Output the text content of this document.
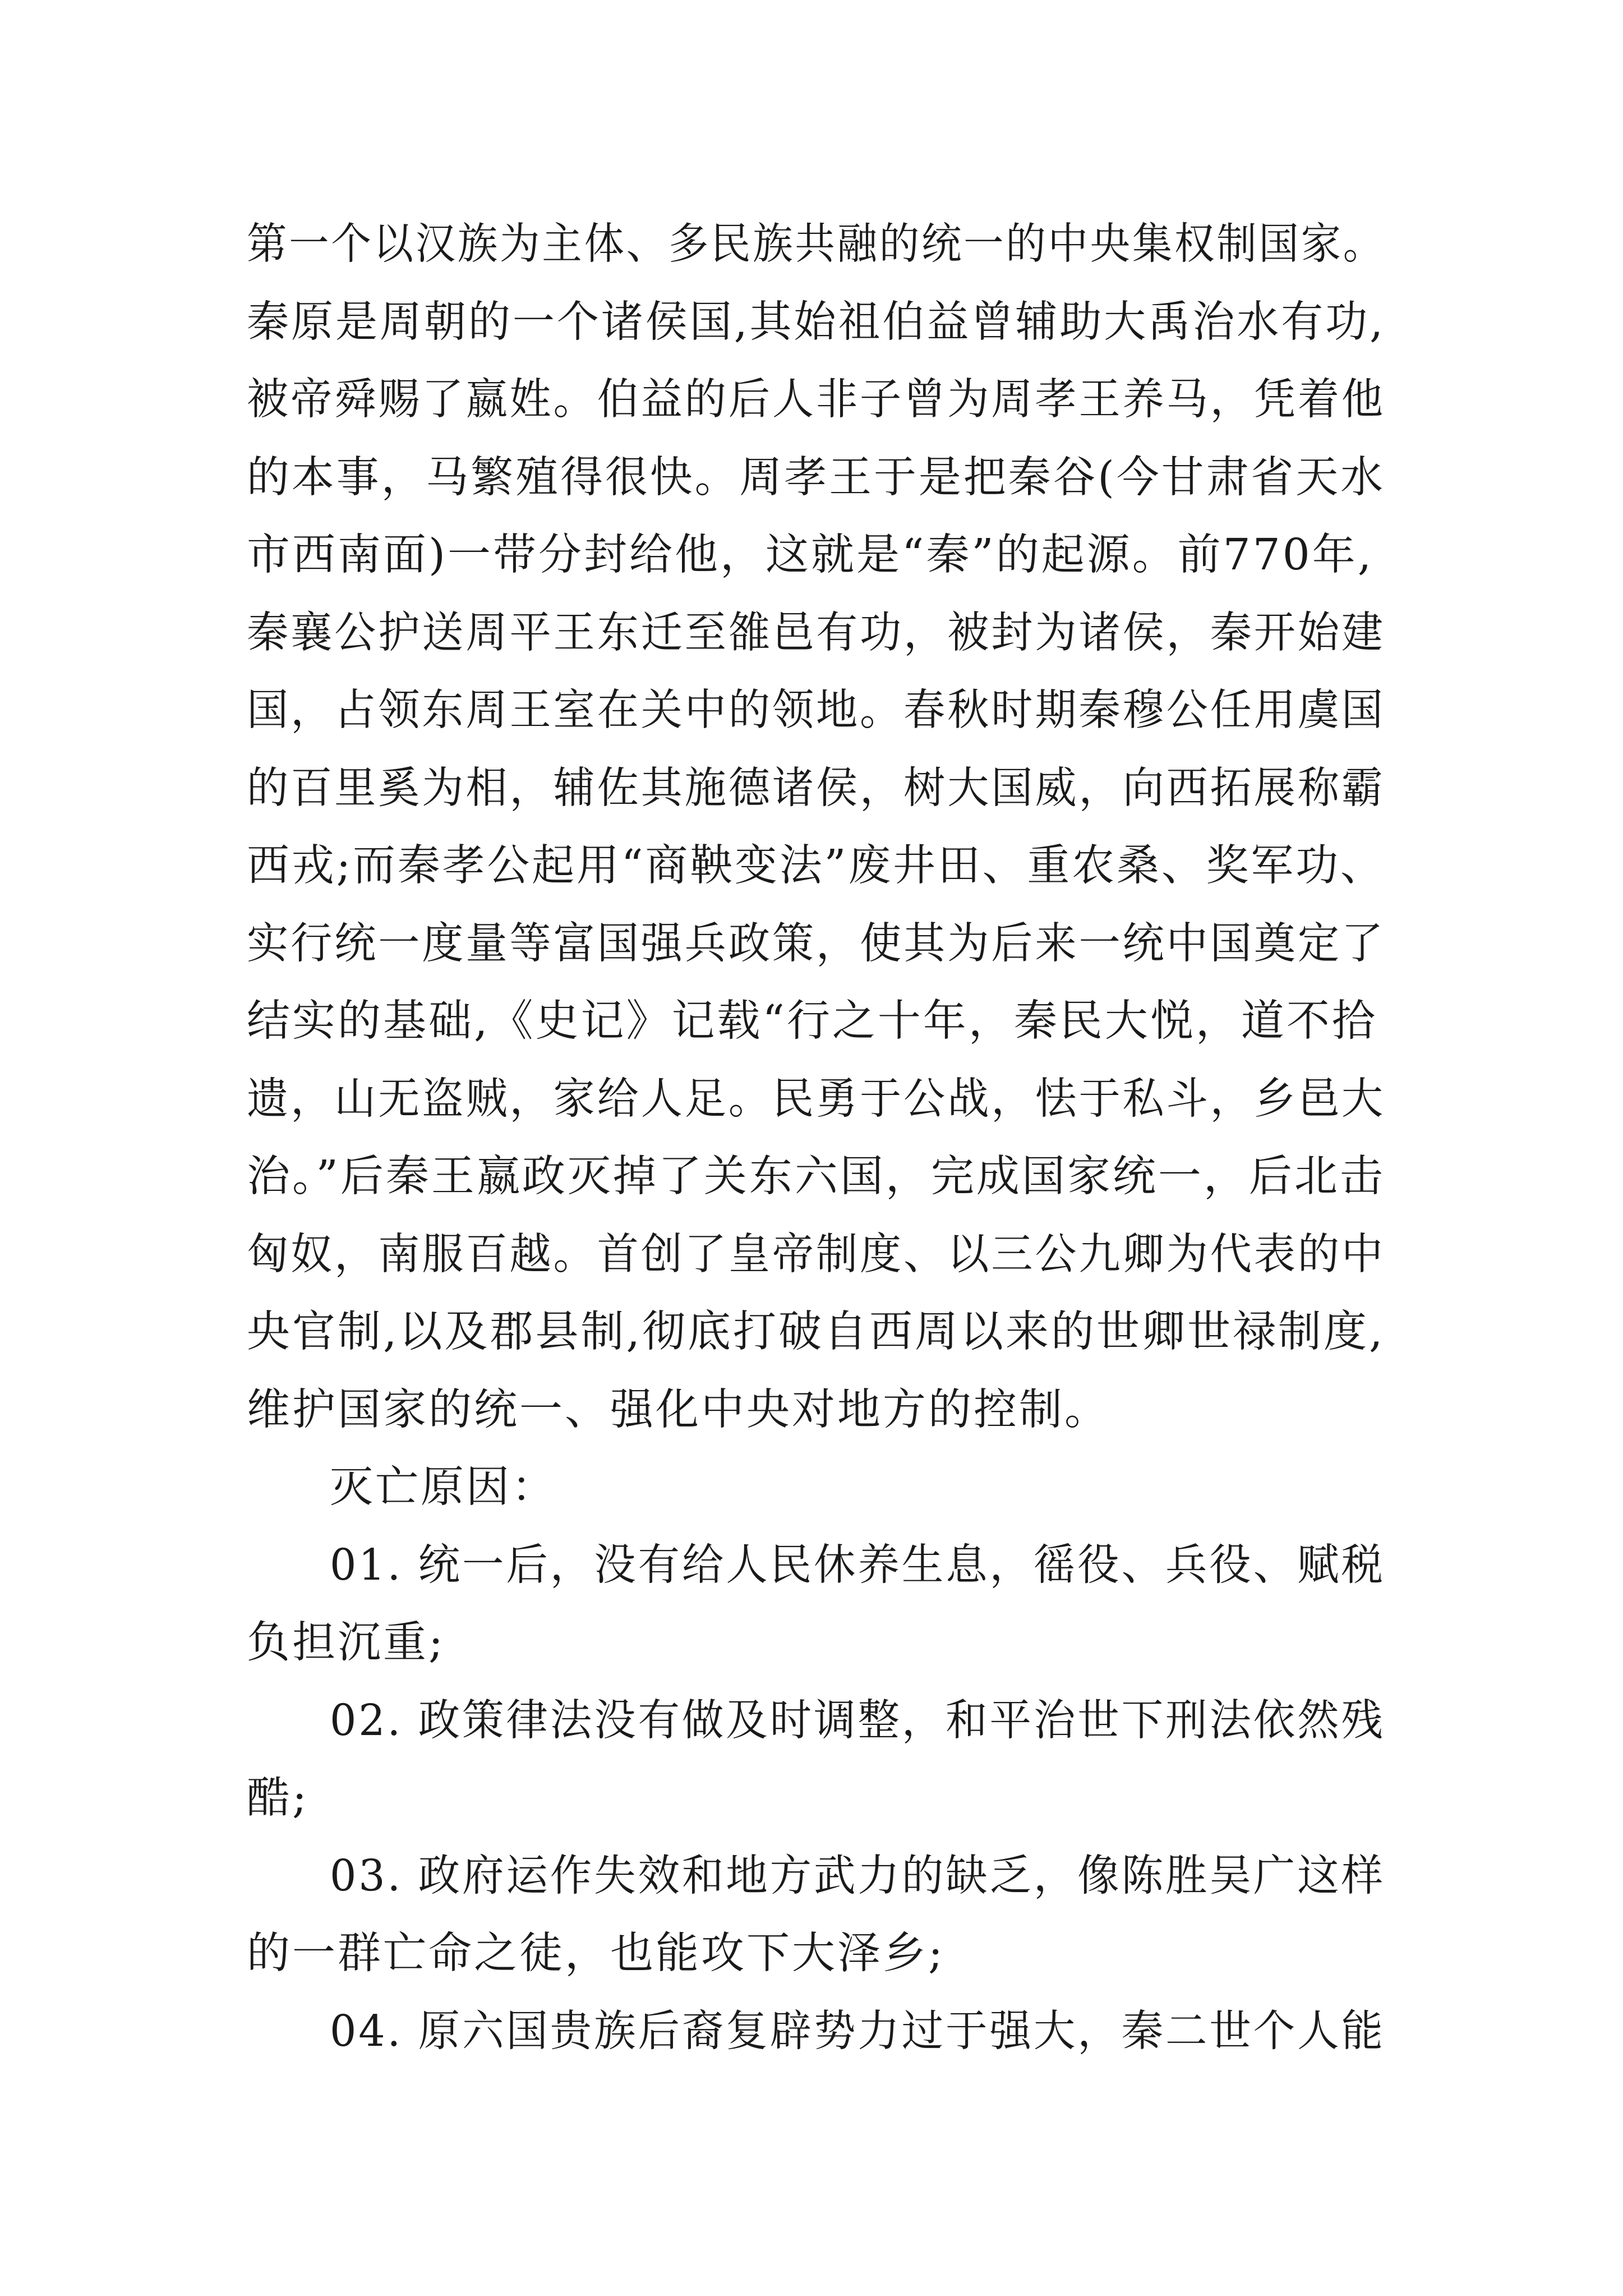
第一个以汉族为主体、多民族共融的统一的中央集权制国家。
秦原是周朝的一个诸侯国,其始祖伯益曾辅助大禹治水有功,
被帝舜赐了嬴姓。伯益的后人非子曾为周孝王养马，凭着他
的本事，马繁殖得很快。周孝王于是把秦谷(今甘肃省天水
市西南面)一带分封给他，这就是“秦”的起源。前770年,
秦襄公护送周平王东迁至雒邑有功，被封为诸侯，秦开始建
国，占领东周王室在关中的领地。春秋时期秦穆公任用虞国
的百里奚为相，辅佐其施德诸侯，树大国威，向西拓展称霸
西戎;而秦孝公起用“商鞅变法”废井田、重农桑、奖军功、
实行统一度量等富国强兵政策，使其为后来一统中国奠定了
结实的基础,《史记》记载“行之十年，秦民大悦，道不拾
遗，山无盗贼，家给人足。民勇于公战，怯于私斗，乡邑大
治。”后秦王嬴政灭掉了关东六国，完成国家统一，后北击
匈奴，南服百越。首创了皇帝制度、以三公九卿为代表的中
央官制,以及郡县制,彻底打破自西周以来的世卿世禄制度,
维护国家的统一、强化中央对地方的控制。
灭亡原因：
01. 统一后，没有给人民休养生息，徭役、兵役、赋税
负担沉重;
02. 政策律法没有做及时调整，和平治世下刑法依然残
酷;
03. 政府运作失效和地方武力的缺乏，像陈胜吴广这样
的一群亡命之徒，也能攻下大泽乡;
04. 原六国贵族后裔复辟势力过于强大，秦二世个人能
